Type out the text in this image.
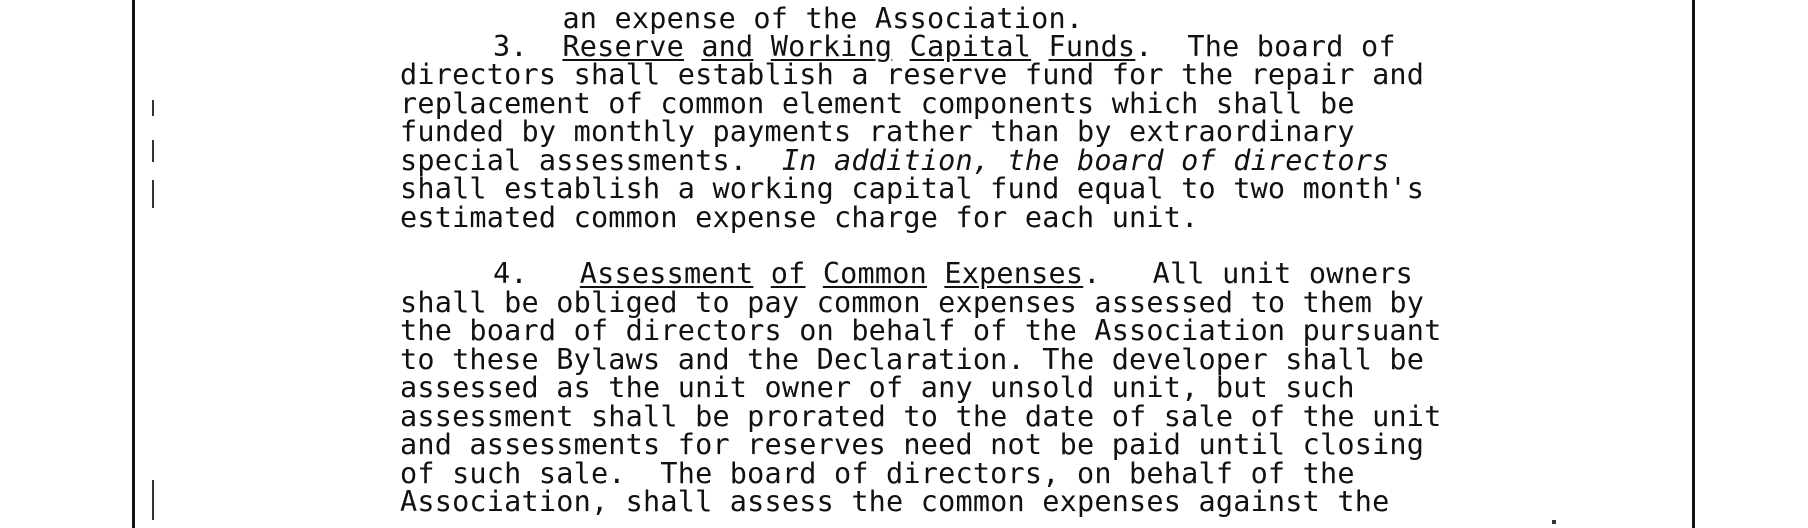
an expense of the Association.

3. Reserve and Working Capital Funds.  The board of
directors shall establish a reserve fund for the repair and
replacement of common element components which shall be
funded by monthly payments rather than by extraordinary
special assessments. In addition, the board of directors
shall establish a working capital fund equal to two month's
estimated common expense charge for each unit.
4. Assessment of Common Expenses.   All unit owners
shall be obliged to pay common expenses assessed to them by
the board of directors on behalf of the Association pursuant
to these Bylaws and the Declaration. The developer shall be
assessed as the unit owner of any unsold unit, but such
assessment shall be prorated to the date of sale of the unit
and assessments for reserves need not be paid until closing
of such sale.  The board of directors, on behalf of the
Association, shall assess the common expenses against the
